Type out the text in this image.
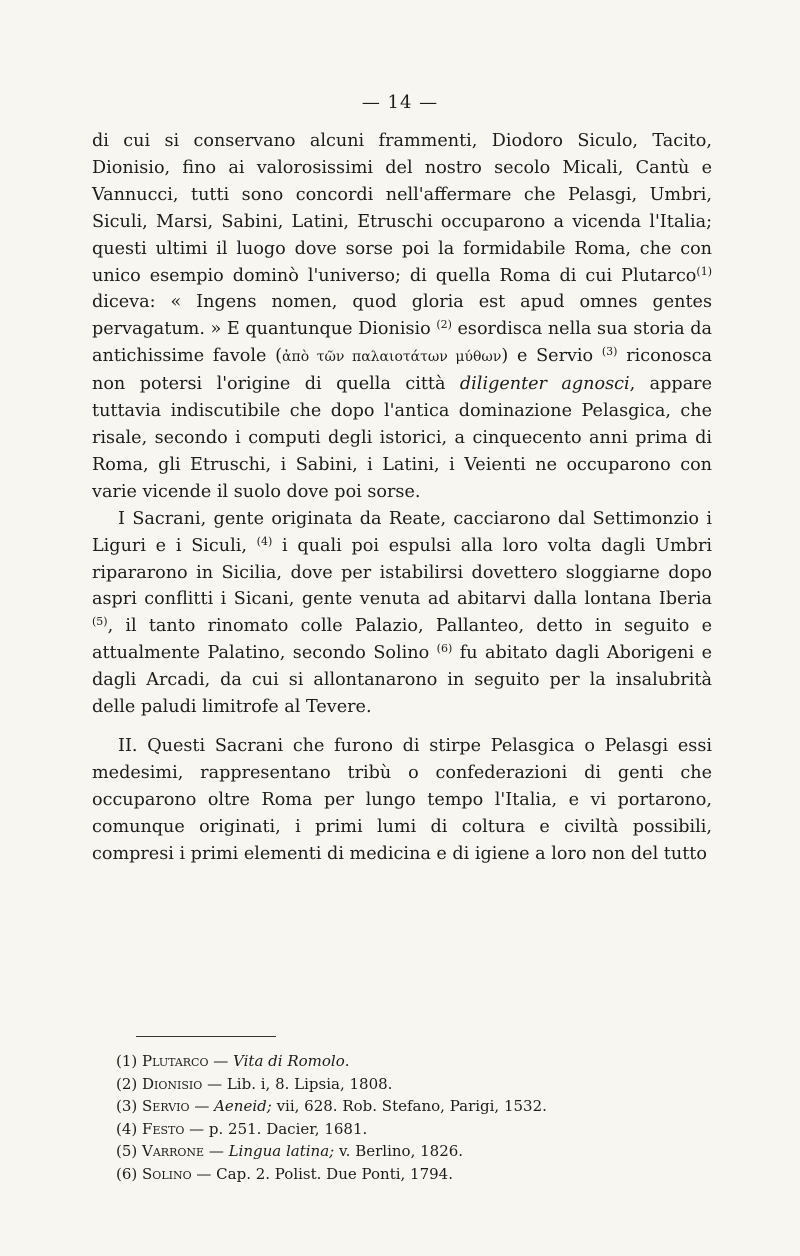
— 14 —

di cui si conservano alcuni frammenti, Diodoro Siculo, Tacito, Dionisio, fino ai valorosissimi del nostro secolo Micali, Cantù e Vannucci, tutti sono concordi nell'affermare che Pelasgi, Umbri, Siculi, Marsi, Sabini, Latini, Etruschi occuparono a vicenda l'Italia; questi ultimi il luogo dove sorse poi la formidabile Roma, che con unico esempio dominò l'universo; di quella Roma di cui Plutarco$^{(1)}$ diceva: « Ingens nomen, quod gloria est apud omnes gentes pervagatum. » E quantunque Dionisio $^{(2)}$ esordisca nella sua storia da antichissime favole (ἀπὸ τῶν παλαιοτάτων μύθων) e Servio $^{(3)}$ riconosca non potersi l'origine di quella città diligenter agnosci, appare tuttavia indiscutibile che dopo l'antica dominazione Pelasgica, che risale, secondo i computi degli istorici, a cinquecento anni prima di Roma, gli Etruschi, i Sabini, i Latini, i Veienti ne occuparono con varie vicende il suolo dove poi sorse.

I Sacrani, gente originata da Reate, cacciarono dal Settimonzio i Liguri e i Siculi, $^{(4)}$ i quali poi espulsi alla loro volta dagli Umbri ripararono in Sicilia, dove per istabilirsi dovettero sloggiarne dopo aspri conflitti i Sicani, gente venuta ad abitarvi dalla lontana Iberia $^{(5)}$, il tanto rinomato colle Palazio, Pallanteo, detto in seguito e attualmente Palatino, secondo Solino $^{(6)}$ fu abitato dagli Aborigeni e dagli Arcadi, da cui si allontanarono in seguito per la insalubrità delle paludi limitrofe al Tevere.

II. Questi Sacrani che furono di stirpe Pelasgica o Pelasgi essi medesimi, rappresentano tribù o confederazioni di genti che occuparono oltre Roma per lungo tempo l'Italia, e vi portarono, comunque originati, i primi lumi di coltura e civiltà possibili, compresi i primi elementi di medicina e di igiene a loro non del tutto

(1) Plutarco — Vita di Romolo.
(2) Dionisio — Lib. i, 8. Lipsia, 1808.
(3) Servio — Aeneid; vii, 628. Rob. Stefano, Parigi, 1532.
(4) Festo — p. 251. Dacier, 1681.
(5) Varrone — Lingua latina; v. Berlino, 1826.
(6) Solino — Cap. 2. Polist. Due Ponti, 1794.
